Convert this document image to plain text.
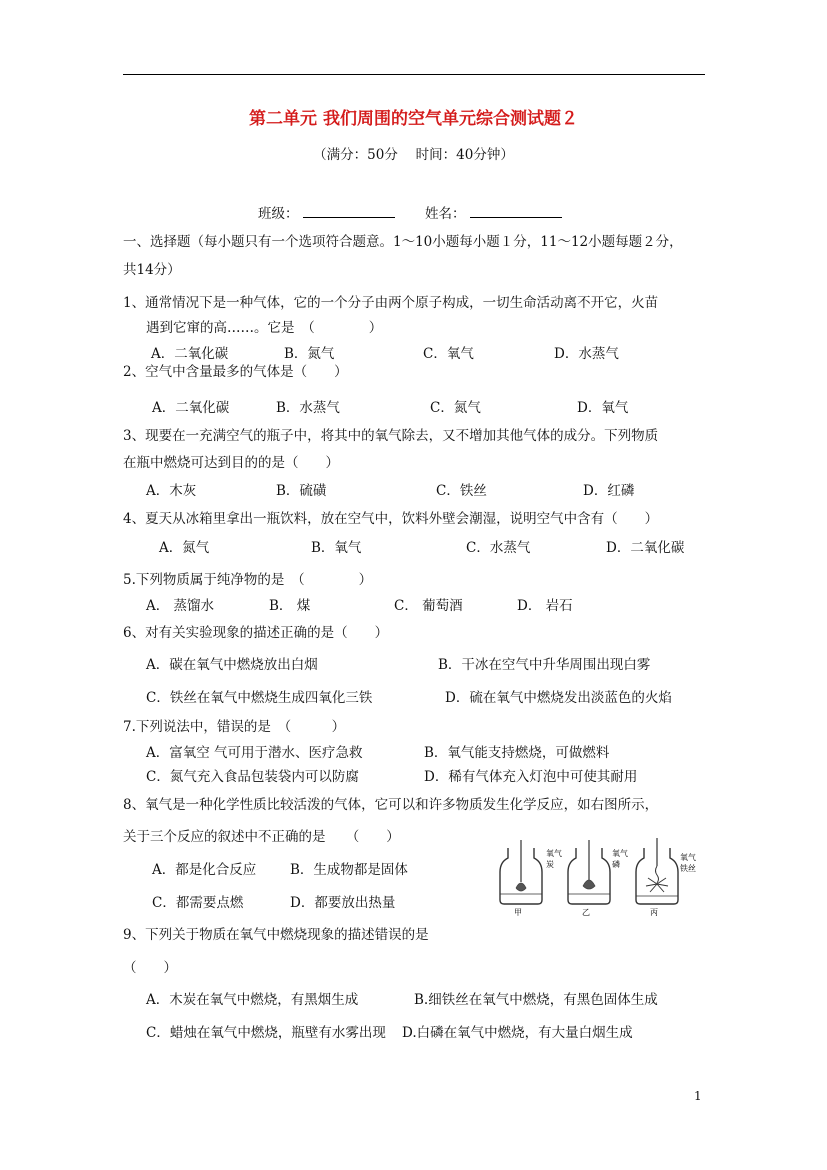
第二单元 我们周围的空气单元综合测试题２
（满分：50分　 时间：40分钟）
班级：	姓名：
一、选择题（每小题只有一个选项符合题意。1～10小题每小题１分，11～12小题每题２分，
共14分）
1、通常情况下是一种气体，它的一个分子由两个原子构成，一切生命活动离不开它，火苗
遇到它窜的高……。它是　（　　　　）
A．二氧化碳	B．氮气	C．氧气	D．水蒸气
2、空气中含量最多的气体是（　　）
A．二氧化碳	B．水蒸气	C．氮气	D．氧气
3、现要在一充满空气的瓶子中，将其中的氧气除去，又不增加其他气体的成分。下列物质
在瓶中燃烧可达到目的的是（　　）
A．木灰	B．硫磺	C．铁丝	D．红磷
4、夏天从冰箱里拿出一瓶饮料，放在空气中，饮料外壁会潮湿，说明空气中含有（　　）
A．氮气	B．氧气	C．水蒸气	D．二氧化碳
5.下列物质属于纯净物的是　（　　　　）
A． 蒸馏水	B． 煤	C． 葡萄酒	D． 岩石
6、对有关实验现象的描述正确的是（　　）
A．碳在氧气中燃烧放出白烟	B．干冰在空气中升华周围出现白雾
C．铁丝在氧气中燃烧生成四氧化三铁	D．硫在氧气中燃烧发出淡蓝色的火焰
7.下列说法中，错误的是　（　　　）
A．富氧空 气可用于潜水、医疗急救	B．氧气能支持燃烧，可做燃料
C．氮气充入食品包装袋内可以防腐	D．稀有气体充入灯泡中可使其耐用
8、氧气是一种化学性质比较活泼的气体，它可以和许多物质发生化学反应，如右图所示，
关于三个反应的叙述中不正确的是　　（　　）
A．都是化合反应	B．生成物都是固体
C．都需要点燃	D．都要放出热量
氧气
炭
甲
氧气
磷
乙
氧气
铁丝
丙
9、下列关于物质在氧气中燃烧现象的描述错误的是
（　　）
A．木炭在氧气中燃烧，有黑烟生成	B.细铁丝在氧气中燃烧，有黑色固体生成
C．蜡烛在氧气中燃烧，瓶壁有水雾出现 D.白磷在氧气中燃烧，有大量白烟生成
1
